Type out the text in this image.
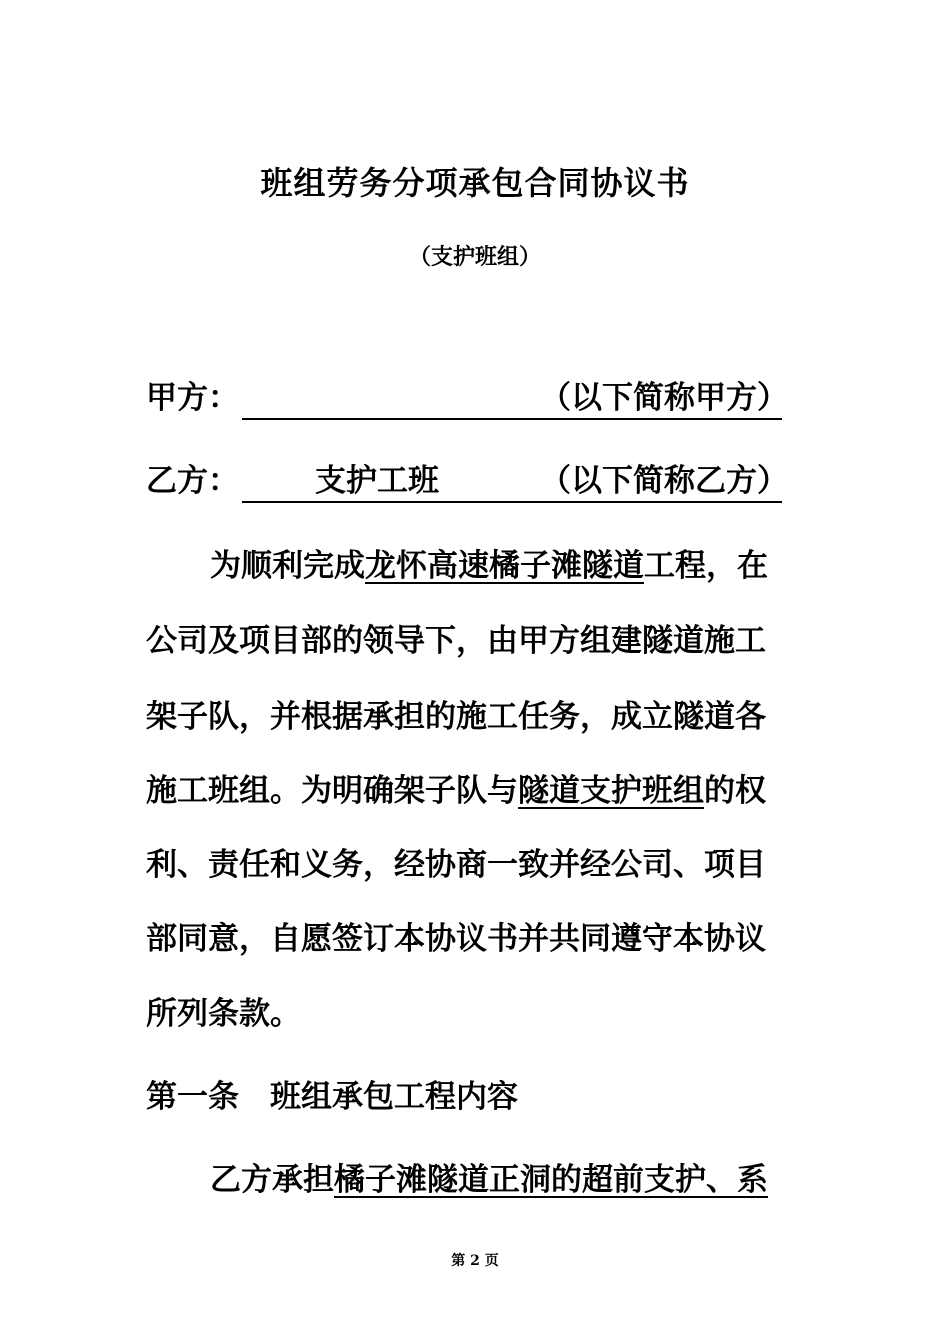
班组劳务分项承包合同协议书
（支护班组）
甲方：	（以下简称甲方）
乙方：	支护工班	（以下简称乙方）
为顺利完成龙怀高速橘子滩隧道工程，在
公司及项目部的领导下，由甲方组建隧道施工
架子队，并根据承担的施工任务，成立隧道各
施工班组。为明确架子队与隧道支护班组的权
利、责任和义务，经协商一致并经公司、项目
部同意，自愿签订本协议书并共同遵守本协议
所列条款。
第一条　班组承包工程内容
乙方承担橘子滩隧道正洞的超前支护、系
第 2 页
